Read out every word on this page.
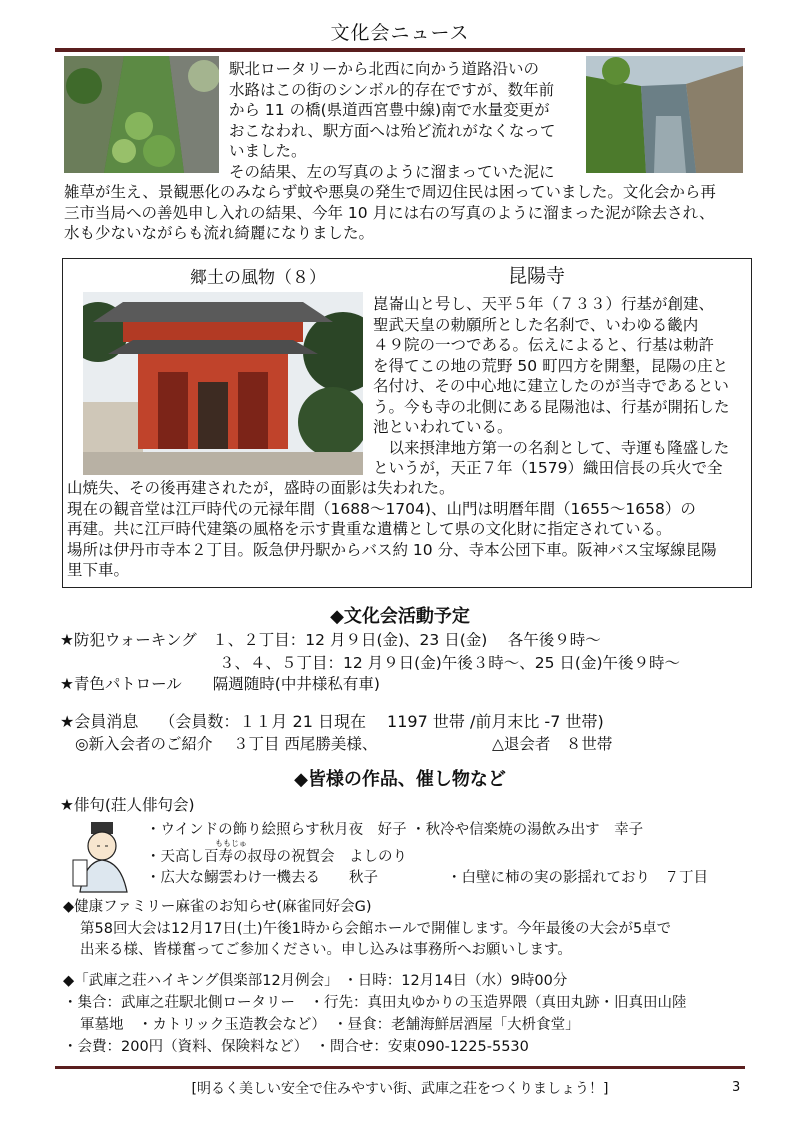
文化会ニュース
駅北ロータリーから北西に向かう道路沿いの
水路はこの街のシンボル的存在ですが、数年前
から 11 の橋(県道西宮豊中線)南で水量変更が
おこなわれ、駅方面へは殆ど流れがなくなって
いました。
その結果、左の写真のように溜まっていた泥に
雑草が生え、景観悪化のみならず蚊や悪臭の発生で周辺住民は困っていました。文化会から再
三市当局への善処申し入れの結果、今年 10 月には右の写真のように溜まった泥が除去され、
水も少ないながらも流れ綺麗になりました。
郷土の風物（８）	昆陽寺
崑崙山と号し、天平５年（７３３）行基が創建、
聖武天皇の勅願所とした名刹で、いわゆる畿内
４９院の一つである。伝えによると、行基は勅許
を得てこの地の荒野 50 町四方を開墾，昆陽の庄と
名付け、その中心地に建立したのが当寺であるとい
う。今も寺の北側にある昆陽池は、行基が開拓した
池といわれている。
　以来摂津地方第一の名刹として、寺運も隆盛した
というが，天正７年（1579）織田信長の兵火で全
山焼失、その後再建されたが，盛時の面影は失われた。
現在の観音堂は江戸時代の元禄年間（1688～1704)、山門は明暦年間（1655～1658）の
再建。共に江戸時代建築の風格を示す貴重な遺構として県の文化財に指定されている。
場所は伊丹市寺本２丁目。阪急伊丹駅からバス約 10 分、寺本公団下車。阪神バス宝塚線昆陽
里下車。
◆文化会活動予定
★防犯ウォーキング　１、２丁目：12 月９日(金)、23 日(金)　 各午後９時～
３、４、５丁目：12 月９日(金)午後３時～、25 日(金)午後９時～
★青色パトロール　　隔週随時(中井様私有車)
★会員消息　 （会員数：１１月 21 日現在　 1197 世帯 /前月末比 -7 世帯)
◎新入会者のご紹介　 ３丁目 西尾勝美様、	△退会者　８世帯
◆皆様の作品、催し物など
★俳句(荘人俳句会)
・ウインドの飾り絵照らす秋月夜　好子 ・秋冷や信楽焼の湯飲み出す　幸子
ももじゅ
・天高し百寿の叔母の祝賀会　よしのり
・広大な鰯雲わけ一機去る　　秋子	・白壁に柿の実の影揺れており　７丁目
◆健康ファミリー麻雀のお知らせ(麻雀同好会G)
第58回大会は12月17日(土)午後1時から会館ホールで開催します。今年最後の大会が5卓で
出来る様、皆様奮ってご参加ください。申し込みは事務所へお願いします。
◆「武庫之荘ハイキング倶楽部12月例会」 ・日時：12月14日（水）9時00分
・集合：武庫之荘駅北側ロータリー　・行先：真田丸ゆかりの玉造界隈（真田丸跡・旧真田山陸
軍墓地　・カトリック玉造教会など）　・昼食：老舗海鮮居酒屋「大枡食堂」
・会費：200円（資料、保険料など）　・問合せ：安東090-1225-5530
[明るく美しい安全で住みやすい街、武庫之荘をつくりましょう！]	3
